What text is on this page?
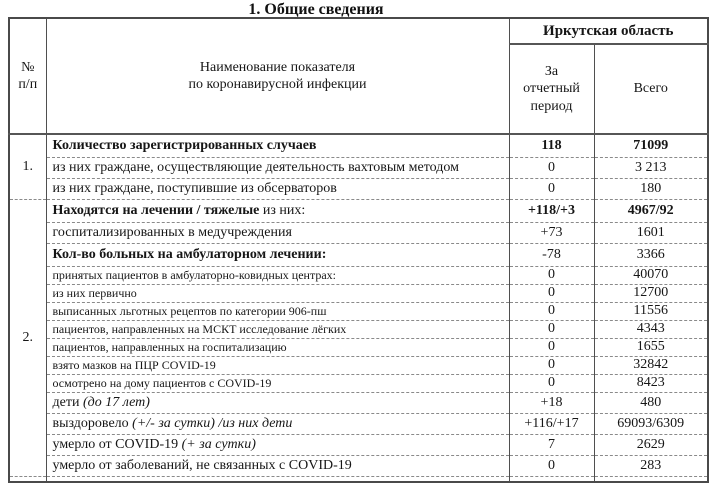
1. Общие сведения
№
п/п

Наименование показателя
по коронавирусной инфекции
	Иркутская область
		За отчетный период	Всего
1.	Количество зарегистрированных случаев	118	71099
	из них граждане, осуществляющие деятельность вахтовым методом	0	3 213
	из них граждане, поступившие из обсерваторов	0	180
2.	Находятся на лечении / тяжелые из них:	+118/+3	4967/92
	госпитализированных в медучреждения	+73	1601
	Кол-во больных на амбулаторном лечении:	-78	3366
	принятых пациентов в амбулаторно-ковидных центрах:	0	40070
	из них первично	0	12700
	выписанных льготных рецептов по категории 906-пш	0	11556
	пациентов, направленных на МСКТ исследование лёгких	0	4343
	пациентов, направленных на госпитализацию	0	1655
	взято мазков на ПЦР COVID-19	0	32842
	осмотрено на дому пациентов с COVID-19	0	8423
	дети (до 17 лет)	+18	480
	выздоровело (+/- за сутки) /из них дети	+116/+17	69093/6309
	умерло от COVID-19 (+ за сутки)	7	2629
	умерло от заболеваний, не связанных с COVID-19	0	283
